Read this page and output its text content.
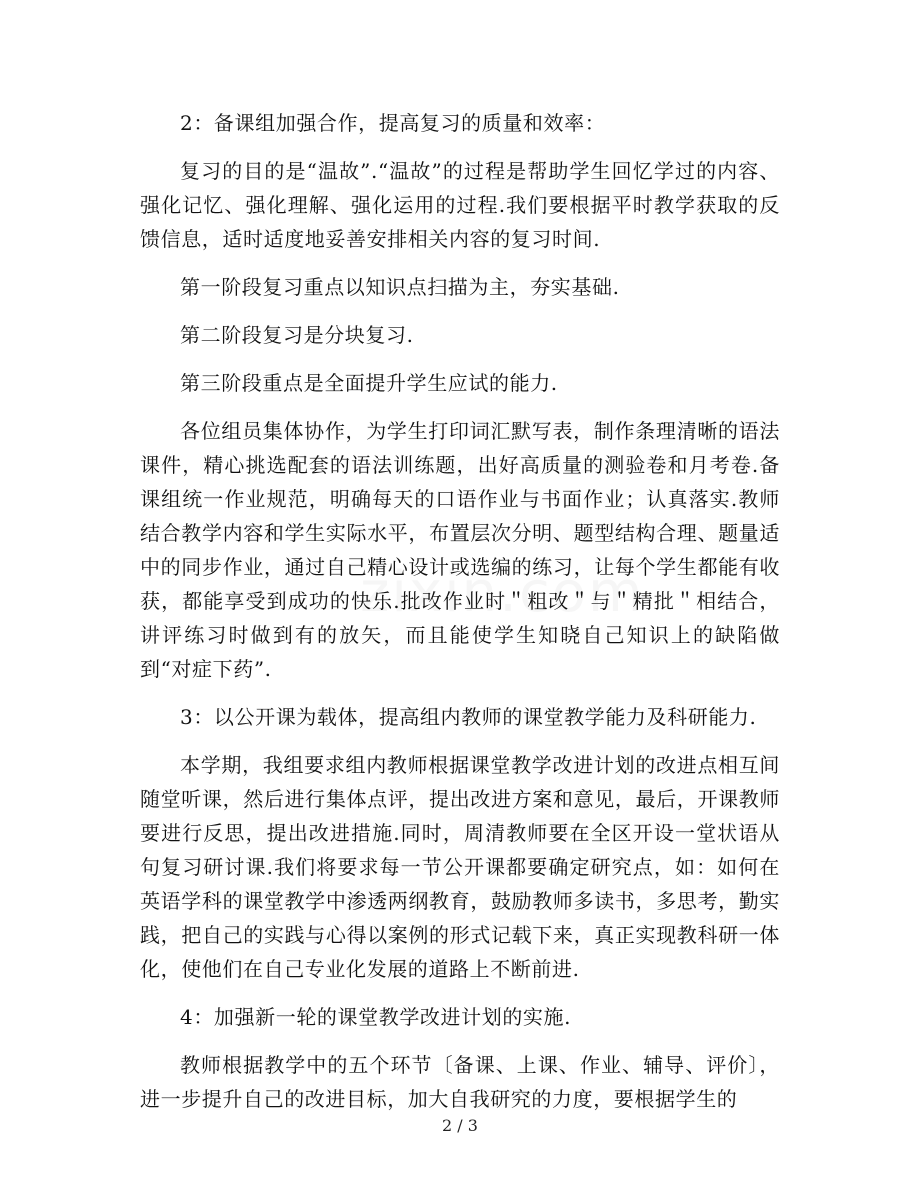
2：备课组加强合作，提高复习的质量和效率：

复习的目的是“温故”.“温故”的过程是帮助学生回忆学过的内容、强化记忆、强化理解、强化运用的过程.我们要根据平时教学获取的反馈信息，适时适度地妥善安排相关内容的复习时间.

第一阶段复习重点以知识点扫描为主，夯实基础.

第二阶段复习是分块复习.

第三阶段重点是全面提升学生应试的能力.

各位组员集体协作，为学生打印词汇默写表，制作条理清晰的语法课件，精心挑选配套的语法训练题，出好高质量的测验卷和月考卷.备课组统一作业规范，明确每天的口语作业与书面作业；认真落实.教师结合教学内容和学生实际水平，布置层次分明、题型结构合理、题量适中的同步作业，通过自己精心设计或选编的练习，让每个学生都能有收获，都能享受到成功的快乐.批改作业时＂粗改＂与＂精批＂相结合，讲评练习时做到有的放矢，而且能使学生知晓自己知识上的缺陷做到“对症下药”.

3：以公开课为载体，提高组内教师的课堂教学能力及科研能力.

本学期，我组要求组内教师根据课堂教学改进计划的改进点相互间随堂听课，然后进行集体点评，提出改进方案和意见，最后，开课教师要进行反思，提出改进措施.同时，周清教师要在全区开设一堂状语从句复习研讨课.我们将要求每一节公开课都要确定研究点，如：如何在英语学科的课堂教学中渗透两纲教育，鼓励教师多读书，多思考，勤实践，把自己的实践与心得以案例的形式记载下来，真正实现教科研一体化，使他们在自己专业化发展的道路上不断前进.

4：加强新一轮的课堂教学改进计划的实施.

教师根据教学中的五个环节〔备课、上课、作业、辅导、评价〕，进一步提升自己的改进目标，加大自我研究的力度，要根据学生的

2 / 3
